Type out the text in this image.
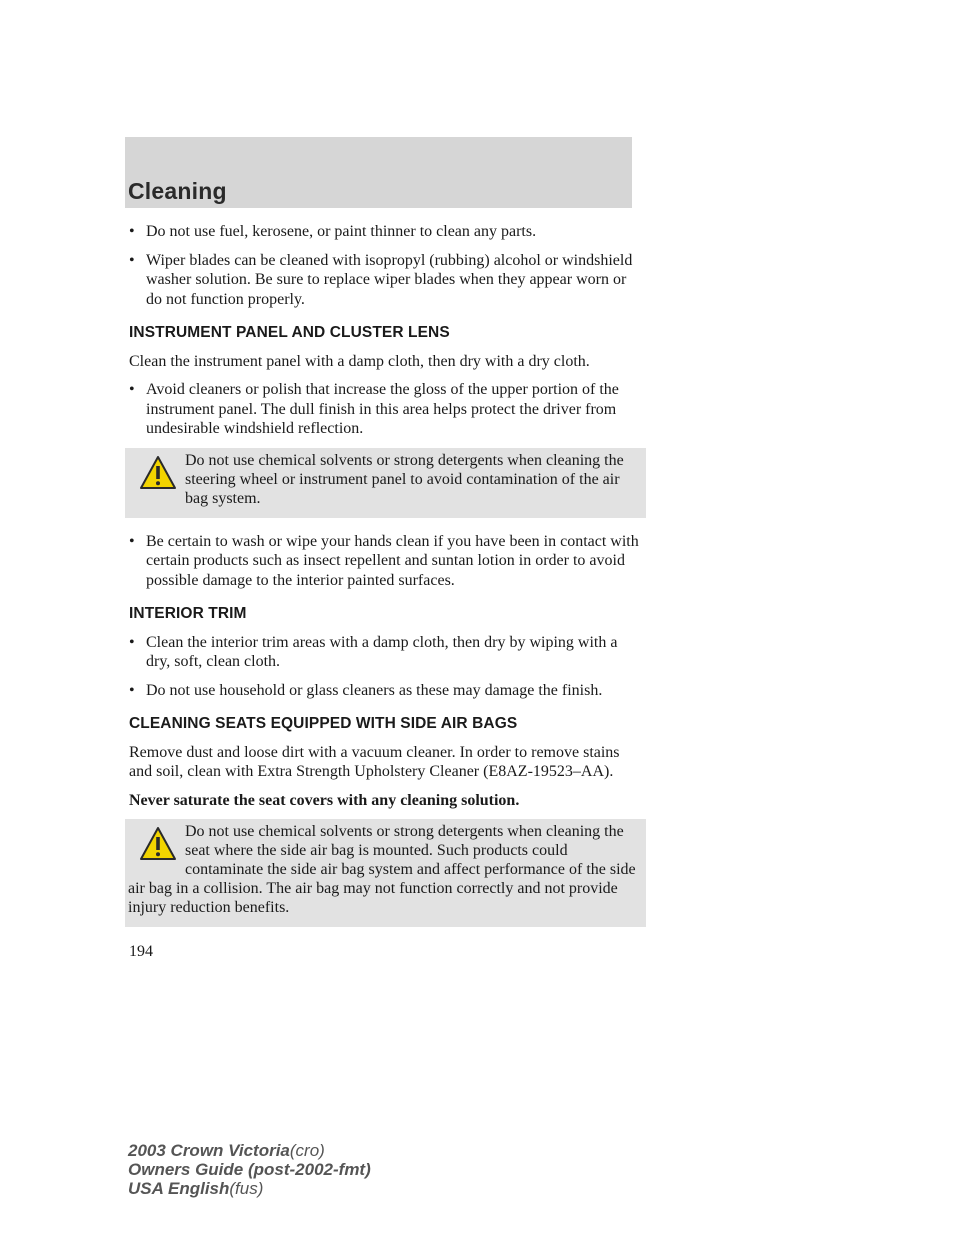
Cleaning
• Do not use fuel, kerosene, or paint thinner to clean any parts.
• Wiper blades can be cleaned with isopropyl (rubbing) alcohol or windshield washer solution. Be sure to replace wiper blades when they appear worn or do not function properly.
INSTRUMENT PANEL AND CLUSTER LENS
Clean the instrument panel with a damp cloth, then dry with a dry cloth.
• Avoid cleaners or polish that increase the gloss of the upper portion of the instrument panel. The dull finish in this area helps protect the driver from undesirable windshield reflection.
Do not use chemical solvents or strong detergents when cleaning the steering wheel or instrument panel to avoid contamination of the air bag system.
• Be certain to wash or wipe your hands clean if you have been in contact with certain products such as insect repellent and suntan lotion in order to avoid possible damage to the interior painted surfaces.
INTERIOR TRIM
• Clean the interior trim areas with a damp cloth, then dry by wiping with a dry, soft, clean cloth.
• Do not use household or glass cleaners as these may damage the finish.
CLEANING SEATS EQUIPPED WITH SIDE AIR BAGS
Remove dust and loose dirt with a vacuum cleaner. In order to remove stains and soil, clean with Extra Strength Upholstery Cleaner (E8AZ-19523–AA).
Never saturate the seat covers with any cleaning solution.
Do not use chemical solvents or strong detergents when cleaning the seat where the side air bag is mounted. Such products could contaminate the side air bag system and affect performance of the side air bag in a collision. The air bag may not function correctly and not provide injury reduction benefits.
194
2003 Crown Victoria(cro)
Owners Guide (post-2002-fmt)
USA English(fus)
